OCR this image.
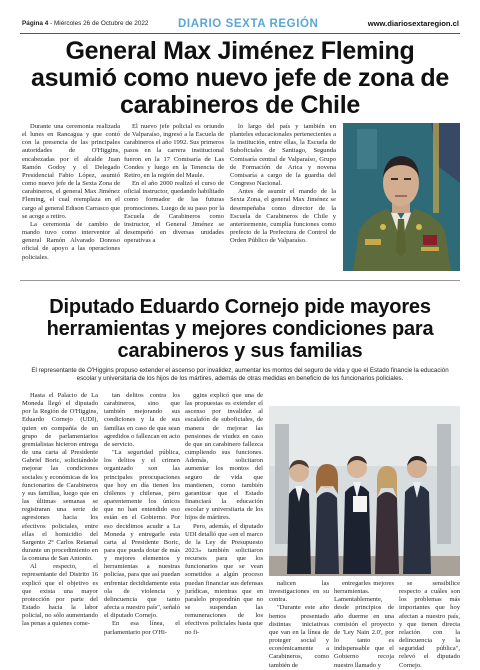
Página 4 - Miércoles 26 de Octubre de 2022	DIARIO SEXTA REGIÓN	www.diariosextaregion.cl
General Max Jiménez Fleming asumió como nuevo jefe de zona de carabineros de Chile

Durante una ceremonia realizada el lunes en Rancagua y que contó con la presencia de las principales autoridades de O'Higgins, encabezadas por el alcalde Juan Ramón Godoy y el Delegado Presidencial Fabio López, asumió como nuevo jefe de la Sexta Zona de carabineros, el general Max Jiménez Fleming, el cual reemplaza en el cargo al general Edison Carrasco que se acoge a retiro.

La ceremonia de cambio de mando tuvo como interventor al general Ramón Alvarado Donoso oficial de apoyo a las operaciones policiales.

El nuevo jefe policial es oriundo de Valparaíso, ingresó a la Escuela de carabineros el año 1992. Sus primeros pasos en la carrera institucional fueron en la 17 Comisaría de Las Condes y luego en la Tenencia de Retiro, en la región del Maule.

En el año 2000 realizó el curso de oficial instructor, quedando habilitado como formador de las futuras promociones. Luego de su paso por la Escuela de Carabineros como instructor, el General Jiménez se desempeñó en diversas unidades operativas a

lo largo del país y también en planteles educacionales pertenecientes a la institución, entre ellas, la Escuela de Suboficiales de Santiago, Segunda Comisaría central de Valparaíso, Grupo de Formación de Arica y novena Comisaría a cargo de la guardia del Congreso Nacional.

Antes de asumir el mando de la Sexta Zona, el general Max Jiménez se desempeñaba como director de la Escuela de Carabineros de Chile y anteriormente, cumplía funciones como prefecto de la Prefectura de Control de Orden Público de Valparaíso.

Diputado Eduardo Cornejo pide mayores herramientas y mejores condiciones para carabineros y sus familias

El representante de O'Higgins propuso extender el ascenso por invalidez, aumentar los montos del seguro de vida y que el Estado financie la educación escolar y universitaria de los hijos de los mártires, además de otras medidas en beneficio de los funcionarios policiales.

Hasta el Palacio de La Moneda llegó el diputado por la Región de O'Higgins, Eduardo Cornejo (UDI), quien en compañía de un grupo de parlamentarios gremialistas hicieron entrega de una carta al Presidente Gabriel Boric, solicitándole mejorar las condiciones sociales y económicas de los funcionarios de Carabineros y sus familias, luego que en las últimas semanas se registraran una serie de agresiones hacia los efectivos policiales, entre ellas el homicidio del Sargento 2° Carlos Retamal durante un procedimiento en la comuna de San Antonio.

Al respecto, el representante del Distrito 16 explicó que el objetivo es que exista una mayor protección por parte del Estado hacia la labor policial, no sólo aumentando las penas a quienes come-

tan delitos contra los carabineros, sino que también mejorando sus condiciones y la de sus familias en caso de que sean agredidos o fallezcan en acto de servicio.

"La seguridad pública, los delitos y el crimen organizado son las principales preocupaciones que hoy en día tienen los chilenos y chilenas, pero aparentemente los únicos que no han entendido eso están en el Gobierno. Por eso decidimos acudir a La Moneda y entregarle esta carta al Presidente Boric, para que pueda dotar de más y mejores elementos y herramientas a nuestras policías, para que así puedan enfrentar decididamente esta ola de violencia y delincuencia que tanto afecta a nuestro país", señaló el diputado Cornejo.

En esa línea, el parlamentario por O'Hi-

ggins explicó que una de las propuestas es extender el ascenso por invalidez al escalafón de suboficiales, de manera de mejorar las pensiones de viudez en caso de que un carabinero fallezca cumpliendo sus funciones. Además, solicitaron aumentar los montos del seguro de vida que mantienen, como también garantizar que el Estado financiará la educación escolar y universitaria de los hijos de mártires.

Pero, además, el diputado UDI detalló que «en el marco de la Ley de Presupuesto 2023» también solicitaron recursos para que los funcionarios que se vean sometidos a algún proceso puedan financiar sus defensas jurídicas, mientras que en paralelo propondrán que no se suspendan las remuneraciones de los efectivos policiales hasta que no fi-

nalicen las investigaciones en su contra.

"Durante este año hemos presentado distintas iniciativas que van en la línea de proteger social y económicamente a Carabineros, como también de

entregarles mejores herramientas. Lamentablemente, desde principios de año duerme en una comisión el proyecto de 'Ley Nain 2.0', por lo tanto es indispensable que el Gobierno recoja nuestro llamado y

se sensibilice respecto a cuáles son los problemas más importantes que hoy afectan a nuestro país, y que tienen directa relación con la delincuencia y la seguridad pública", relevó el diputado Cornejo.
